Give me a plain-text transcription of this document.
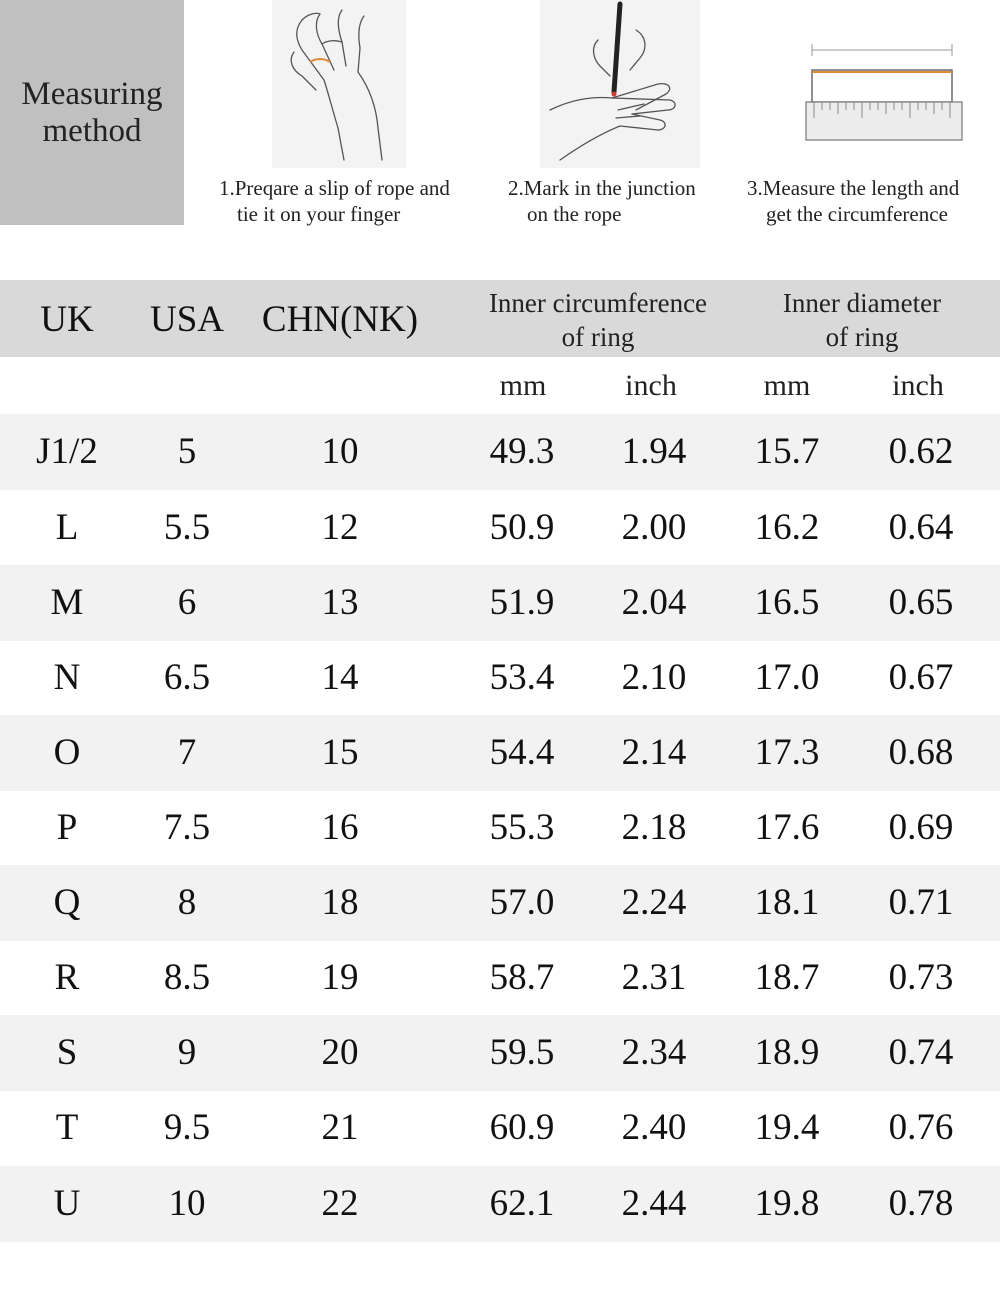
Measuring
method
1.Preqare a slip of rope and
tie it on your finger
2.Mark in the junction
on the rope
3.Measure the length and
get the circumference
UK USA CHN(NK)	Inner circumference
of ring
Inner diameter
of ring
mm	inch	mm	inch
J1/2 5	10	49.3 1.94 15.7 0.62
L 5.5	12	50.9 2.00 16.2 0.64
M	6	13	51.9 2.04 16.5 0.65
N 6.5	14	53.4 2.10 17.0 0.67
O	7	15	54.4 2.14 17.3 0.68
P 7.5	16	55.3 2.18 17.6 0.69
Q	8	18	57.0 2.24 18.1 0.71
R 8.5	19	58.7 2.31 18.7 0.73
S	9	20	59.5 2.34 18.9 0.74
T 9.5	21	60.9 2.40 19.4 0.76
U 10	22	62.1 2.44 19.8 0.78
